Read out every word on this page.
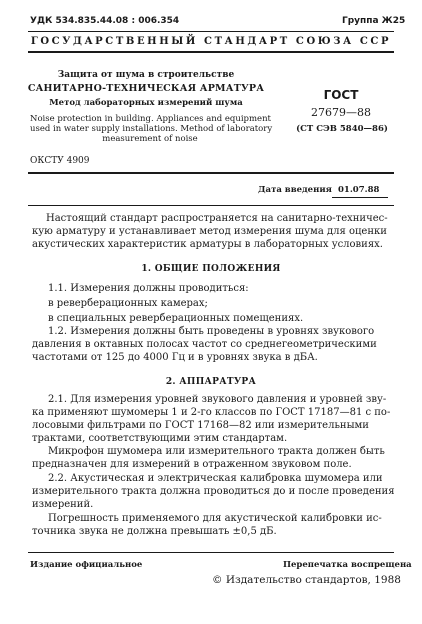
УДК 534.835.44.08 : 006.354	Группа Ж25
ГОСУДАРСТВЕННЫЙ СТАНДАРТ СОЮЗА ССР
Защита от шума в строительстве
САНИТАРНО-ТЕХНИЧЕСКАЯ АРМАТУРА
Метод лабораторных измерений шума
Noise protection in building. Appliances and equipment
used in water supply installations. Method of laboratory
measurement of noise
ГОСТ
27679—88
(СТ СЭВ 5840—86)
ОКСТУ 4909
Дата введения 01.07.88
Настоящий стандарт распространяется на санитарно-техничес-
кую арматуру и устанавливает метод измерения шума для оценки
акустических характеристик арматуры в лабораторных условиях.
1. ОБЩИЕ ПОЛОЖЕНИЯ
1.1. Измерения должны проводиться:
в реверберационных камерах;
в специальных реверберационных помещениях.
1.2. Измерения должны быть проведены в уровнях звукового
давления в октавных полосах частот со среднегеометрическими
частотами от 125 до 4000 Гц и в уровнях звука в дБА.
2. АППАРАТУРА
2.1. Для измерения уровней звукового давления и уровней зву-
ка применяют шумомеры 1 и 2-го классов по ГОСТ 17187—81 с по-
лосовыми фильтрами по ГОСТ 17168—82 или измерительными
трактами, соответствующими этим стандартам.
Микрофон шумомера или измерительного тракта должен быть
предназначен для измерений в отраженном звуковом поле.
2.2. Акустическая и электрическая калибровка шумомера или
измерительного тракта должна проводиться до и после проведения
измерений.
Погрешность применяемого для акустической калибровки ис-
точника звука не должна превышать ±0,5 дБ.
Издание официальное	Перепечатка воспрещена
© Издательство стандартов, 1988
